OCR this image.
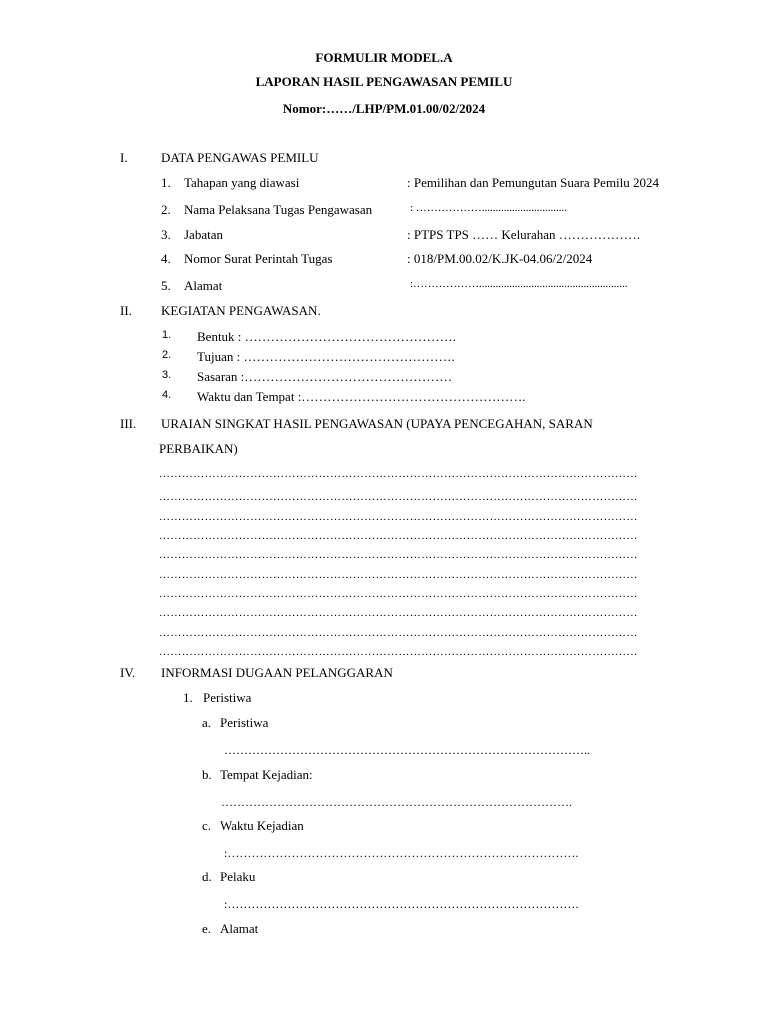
FORMULIR MODEL.A
LAPORAN HASIL PENGAWASAN PEMILU
Nomor:……/LHP/PM.01.00/02/2024
I.	DATA PENGAWAS PEMILU
1. Tahapan yang diawasi	: Pemilihan dan Pemungutan Suara Pemilu 2024
2. Nama Pelaksana Tugas Pengawasan	: ………………...............................
3. Jabatan	: PTPS TPS …… Kelurahan ……………….
4. Nomor Surat Perintah Tugas	: 018/PM.00.02/K.JK-04.06/2/2024
5. Alamat	:………………......................................................
II. KEGIATAN PENGAWASAN.
1. Bentuk : ………………………………………….
2. Tujuan : ………………………………………….
3. Sasaran :…………………………………………
4. Waktu dan Tempat :…………………………………………….
III. URAIAN SINGKAT HASIL PENGAWASAN (UPAYA PENCEGAHAN, SARAN
PERBAIKAN)
………………………………………………………………………………………………………………
………………………………………………………………………………………………………………
………………………………………………………………………………………………………………
………………………………………………………………………………………………………………
………………………………………………………………………………………………………………
………………………………………………………………………………………………………………
………………………………………………………………………………………………………………
………………………………………………………………………………………………………………
………………………………………………………………………………………………………………
………………………………………………………………………………………………………………
IV. INFORMASI DUGAAN PELANGGARAN
1. Peristiwa
a. Peristiwa
………………………………………………………………………………..
b. Tempat Kejadian:
…………………………………………………………………………….
c. Waktu Kejadian
:…………………………………………………………………………….
d. Pelaku
:…………………………………………………………………………….
e. Alamat
